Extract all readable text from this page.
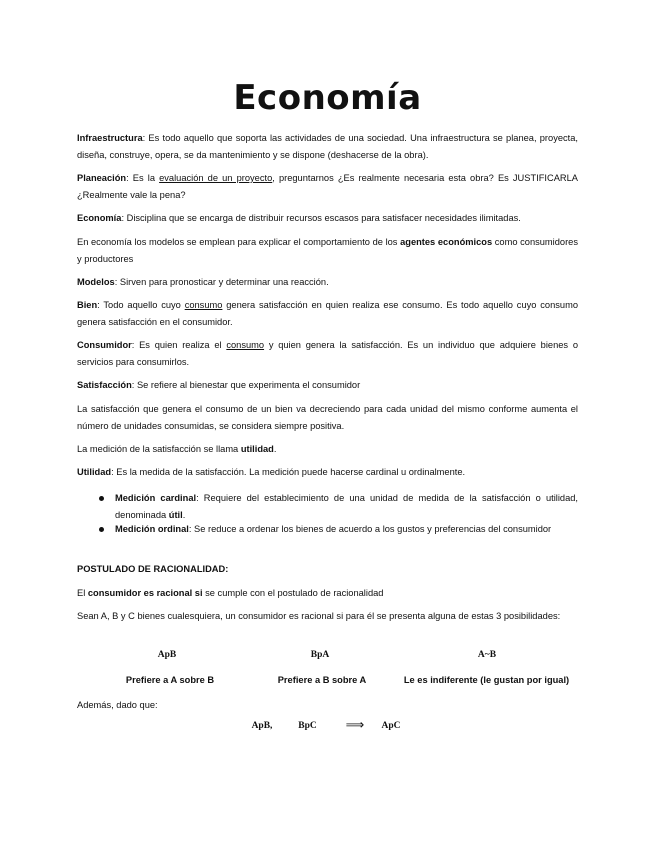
Economía
Infraestructura: Es todo aquello que soporta las actividades de una sociedad. Una infraestructura se planea, proyecta, diseña, construye, opera, se da mantenimiento y se dispone (deshacerse de la obra).
Planeación: Es la evaluación de un proyecto, preguntarnos ¿Es realmente necesaria esta obra? Es JUSTIFICARLA ¿Realmente vale la pena?
Economía: Disciplina que se encarga de distribuir recursos escasos para satisfacer necesidades ilimitadas.
En economía los modelos se emplean para explicar el comportamiento de los agentes económicos como consumidores y productores
Modelos: Sirven para pronosticar y determinar una reacción.
Bien: Todo aquello cuyo consumo genera satisfacción en quien realiza ese consumo. Es todo aquello cuyo consumo genera satisfacción en el consumidor.
Consumidor: Es quien realiza el consumo y quien genera la satisfacción. Es un individuo que adquiere bienes o servicios para consumirlos.
Satisfacción: Se refiere al bienestar que experimenta el consumidor
La satisfacción que genera el consumo de un bien va decreciendo para cada unidad del mismo conforme aumenta el número de unidades consumidas, se considera siempre positiva.
La medición de la satisfacción se llama utilidad.
Utilidad: Es la medida de la satisfacción. La medición puede hacerse cardinal u ordinalmente.
Medición cardinal: Requiere del establecimiento de una unidad de medida de la satisfacción o utilidad, denominada útil.
Medición ordinal: Se reduce a ordenar los bienes de acuerdo a los gustos y preferencias del consumidor
POSTULADO DE RACIONALIDAD:
El consumidor es racional si se cumple con el postulado de racionalidad
Sean A, B y C bienes cualesquiera, un consumidor es racional si para él se presenta alguna de estas 3 posibilidades:
ApB	BpA	A~B
Prefiere a A sobre B	Prefiere a B sobre A	Le es indiferente (le gustan por igual)
Además, dado que:
ApB,	BpC	⟹	ApC
